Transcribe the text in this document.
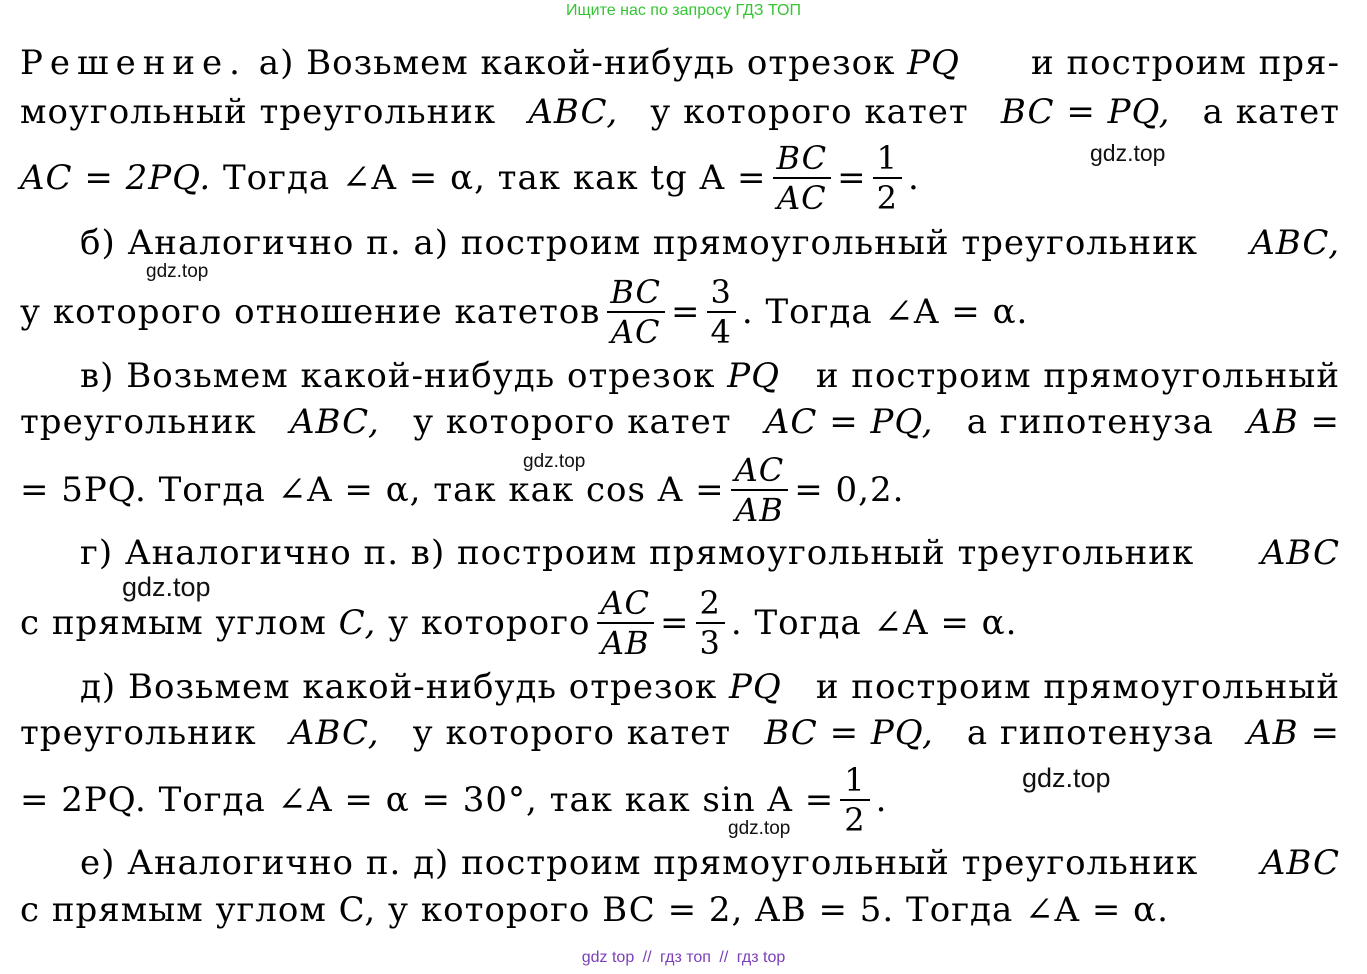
Ищите нас по запросу ГДЗ ТОП
Решение.
а) Возьмем какой-нибудь отрезок
PQ и построим пря-
моугольный треугольник ABC, у которого катет BC = PQ, а катет
AC = 2PQ.
Тогда ∠A = α, так как tg $A = \frac{BC}{AC} = \frac{1}{2}$ .
б) Аналогично п. а) построим прямоугольный треугольник ABC,
у которого отношение катетов $\frac{BC}{AC} = \frac{3}{4}$ . Тогда ∠A = α.
в) Возьмем какой-нибудь отрезок
PQ и построим прямоугольный
треугольник ABC, у которого катет AC = PQ, а гипотенуза AB =
= 5PQ. Тогда ∠A = α, так как $\cos A = \frac{AC}{AB} = 0,2$.
г) Аналогично п. в) построим прямоугольный треугольник ABC
с прямым углом
C,
у которого $\frac{AC}{AB} = \frac{2}{3}$ . Тогда ∠A = α.
д) Возьмем какой-нибудь отрезок
PQ и построим прямоугольный
треугольник ABC, у которого катет BC = PQ, а гипотенуза AB =
= 2PQ. Тогда ∠A = α = 30°, так как $\sin A = \frac{1}{2}$ .
е) Аналогично п. д) построим прямоугольный треугольник ABC
с прямым углом C, у которого BC = 2, AB = 5. Тогда ∠A = α.
gdz.top
gdz.top
gdz.top
gdz.top
gdz.top
gdz.top
gdz top // гдз топ // гдз top
